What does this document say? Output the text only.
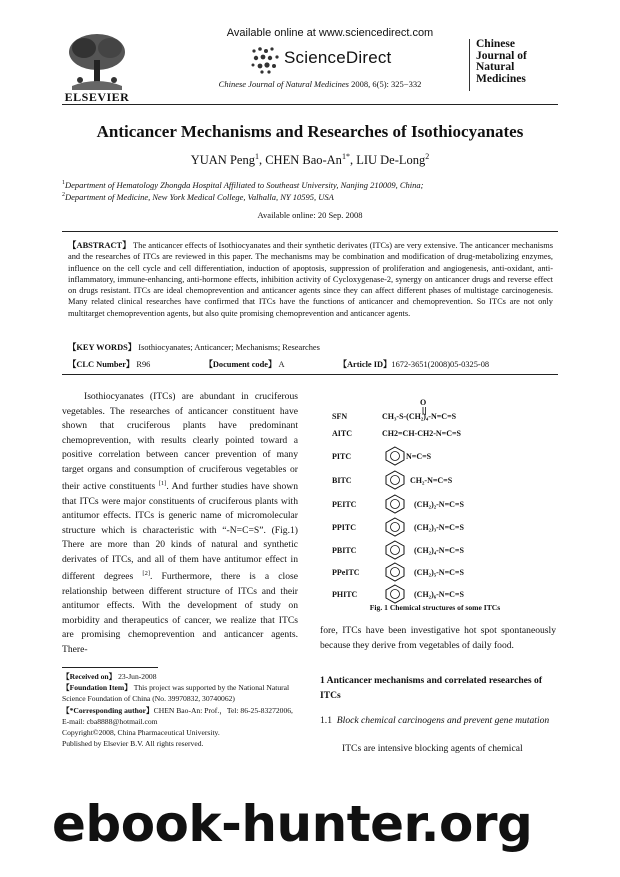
ELSEVIER
Available online at www.sciencedirect.com
ScienceDirect
Chinese Journal of Natural Medicines 2008, 6(5): 325−332
Chinese
Journal of
Natural
Medicines
Anticancer Mechanisms and Researches of Isothiocyanates
YUAN Peng$^1$, CHEN Bao-$An^{1*}$, LIU De-Long$^2$
$^1$Department of Hematology Zhongda Hospital Affiliated to Southeast University, Nanjing 210009, China;
$^2$Department of Medicine, New York Medical College, Valhalla, NY 10595, USA
Available online: 20 Sep. 2008
【ABSTRACT】 The anticancer effects of Isothiocyanates and their synthetic derivates (ITCs) are very extensive. The anticancer mechanisms and the researches of ITCs are reviewed in this paper. The mechanisms may be combination and modification of drug-metabolizing enzymes, influence on the cell cycle and cell differentiation, induction of apoptosis, suppression of proliferation and angiogenesis, anti-oxidant, anti-inflammatory, immune-enhancing, anti-hormone effects, inhibition activity of Cycloxygenase-2, synergy on anticancer drugs and reverse effect on drugs resistant. ITCs are ideal chemoprevention and anticancer agents since they can affect different phases of multistage carcinogenesis. Many related clinical researches have confirmed that ITCs have the functions of anticancer and chemoprevention. So ITCs are not only multitarget chemoprevention agents, but also quite promising chemoprevention and anticancer agents.
【KEY WORDS】 Isothiocyanates; Anticancer; Mechanisms; Researches
【CLC Number】 R96	【Document code】 A	【Article ID】1672-3651(2008)05-0325-08

Isothiocyanates (ITCs) are abundant in cruciferous vegetables. The researches of anticancer constituent have shown that cruciferous plants have predominant chemoprevention, with results clearly pointed toward a positive correlation between cancer prevention of many target organs and consumption of cruciferous vegetables or their active constituents [1]. And further studies have shown that ITCs were major constituents of cruciferous plants with antitumor effects. ITCs is generic name of micromolecular structure which is characteristic with “-N=C=S”. (Fig.1) There are more than 20 kinds of natural and synthetic derivates of ITCs, and all of them have antitumor effect in different degrees [2]. Furthermore, there is a close relationship between different structure of ITCs and their antitumor effects. With the development of study on morbidity and therapeutics of cancer, we realize that ITCs are promising chemoprevention and anticancer agents. There-

【Received on】 23-Jun-2008
【Foundation Item】 This project was supported by the National Natural Science Foundation of China (No. 39970832, 30740062)
【*Corresponding author】CHEN Bao-An: Prof.，Tel: 86-25-83272006, E-mail: cba8888@hotmail.com
Copyright©2008, China Pharmaceutical University.
Published by Elsevier B.V. All rights reserved.
O
SFN	CH₃-S-(CH₂)₄-N=C=S
AITC	CH2=CH-CH2-N=C=S
PITC	N=C=S
BITC	CH₂-N=C=S
PEITC	(CH₂)₂-N=C=S
PPITC	(CH₂)₃-N=C=S
PBITC	(CH₂)₄-N=C=S
PPeITC	(CH₂)₅-N=C=S
PHITC	(CH₂)₆-N=C=S
Fig. 1 Chemical structures of some ITCs

fore, ITCs have been investigative hot spot spontaneously because they derive from vegetables of daily food.

1 Anticancer mechanisms and correlated researches of ITCs
1.1 Block chemical carcinogens and prevent gene mutation
ITCs are intensive blocking agents of chemical
ebook-hunter.org
